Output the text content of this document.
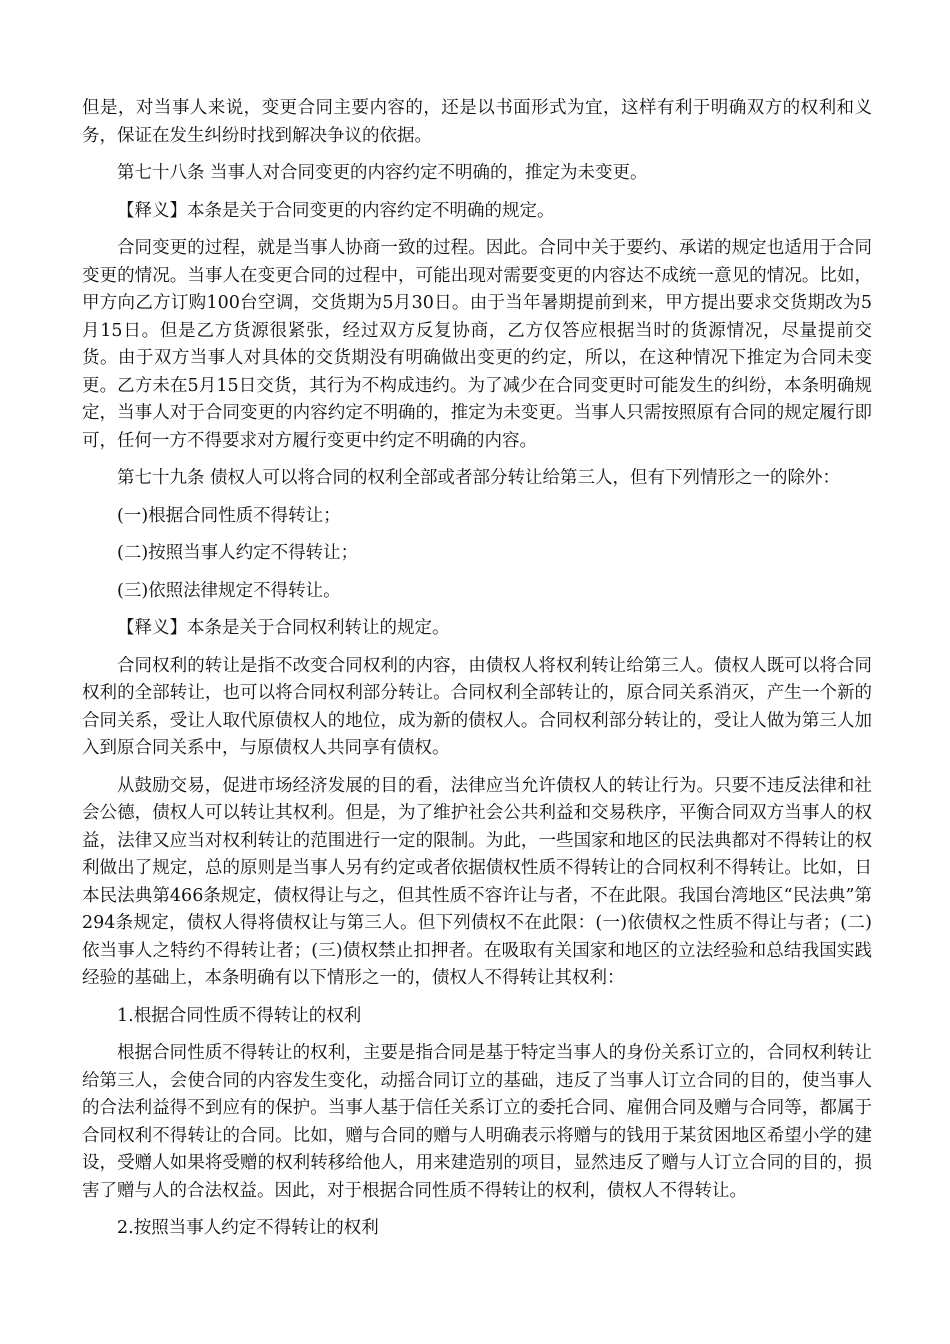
但是，对当事人来说，变更合同主要内容的，还是以书面形式为宜，这样有利于明确双方的权利和义务，保证在发生纠纷时找到解决争议的依据。

第七十八条 当事人对合同变更的内容约定不明确的，推定为未变更。

【释义】本条是关于合同变更的内容约定不明确的规定。

合同变更的过程，就是当事人协商一致的过程。因此。合同中关于要约、承诺的规定也适用于合同变更的情况。当事人在变更合同的过程中，可能出现对需要变更的内容达不成统一意见的情况。比如，甲方向乙方订购100台空调，交货期为5月30日。由于当年暑期提前到来，甲方提出要求交货期改为5月15日。但是乙方货源很紧张，经过双方反复协商，乙方仅答应根据当时的货源情况，尽量提前交货。由于双方当事人对具体的交货期没有明确做出变更的约定，所以，在这种情况下推定为合同未变更。乙方未在5月15日交货，其行为不构成违约。为了减少在合同变更时可能发生的纠纷，本条明确规定，当事人对于合同变更的内容约定不明确的，推定为未变更。当事人只需按照原有合同的规定履行即可，任何一方不得要求对方履行变更中约定不明确的内容。

第七十九条 债权人可以将合同的权利全部或者部分转让给第三人，但有下列情形之一的除外：

(一)根据合同性质不得转让；

(二)按照当事人约定不得转让；

(三)依照法律规定不得转让。

【释义】本条是关于合同权利转让的规定。

合同权利的转让是指不改变合同权利的内容，由债权人将权利转让给第三人。债权人既可以将合同权利的全部转让，也可以将合同权利部分转让。合同权利全部转让的，原合同关系消灭，产生一个新的合同关系，受让人取代原债权人的地位，成为新的债权人。合同权利部分转让的，受让人做为第三人加入到原合同关系中，与原债权人共同享有债权。

从鼓励交易，促进市场经济发展的目的看，法律应当允许债权人的转让行为。只要不违反法律和社会公德，债权人可以转让其权利。但是，为了维护社会公共利益和交易秩序，平衡合同双方当事人的权益，法律又应当对权利转让的范围进行一定的限制。为此，一些国家和地区的民法典都对不得转让的权利做出了规定，总的原则是当事人另有约定或者依据债权性质不得转让的合同权利不得转让。比如，日本民法典第466条规定，债权得让与之，但其性质不容许让与者，不在此限。我国台湾地区“民法典”第294条规定，债权人得将债权让与第三人。但下列债权不在此限：(一)依债权之性质不得让与者；(二)依当事人之特约不得转让者；(三)债权禁止扣押者。在吸取有关国家和地区的立法经验和总结我国实践经验的基础上，本条明确有以下情形之一的，债权人不得转让其权利：

1.根据合同性质不得转让的权利

根据合同性质不得转让的权利，主要是指合同是基于特定当事人的身份关系订立的，合同权利转让给第三人，会使合同的内容发生变化，动摇合同订立的基础，违反了当事人订立合同的目的，使当事人的合法利益得不到应有的保护。当事人基于信任关系订立的委托合同、雇佣合同及赠与合同等，都属于合同权利不得转让的合同。比如，赠与合同的赠与人明确表示将赠与的钱用于某贫困地区希望小学的建设，受赠人如果将受赠的权利转移给他人，用来建造别的项目，显然违反了赠与人订立合同的目的，损害了赠与人的合法权益。因此，对于根据合同性质不得转让的权利，债权人不得转让。

2.按照当事人约定不得转让的权利
